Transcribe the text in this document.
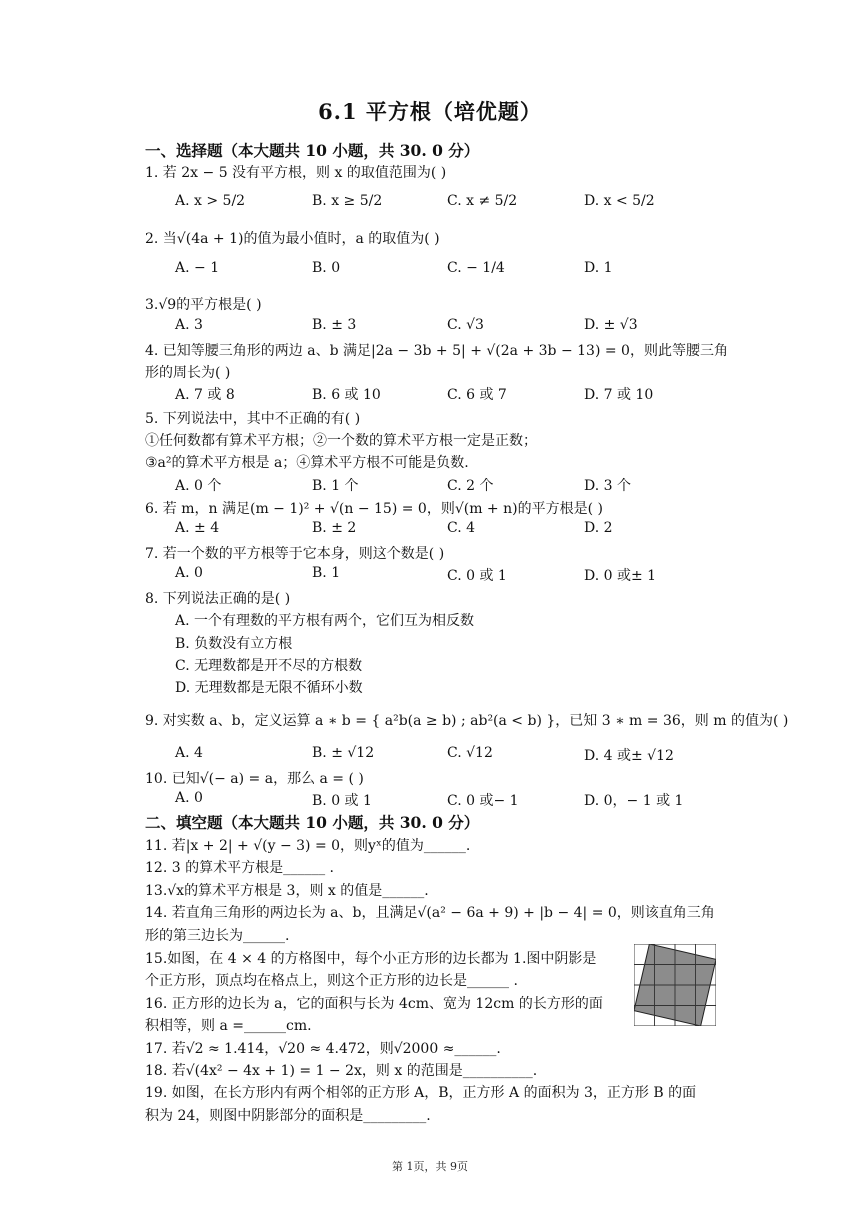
6.1 平方根（培优题）
一、选择题（本大题共 10 小题，共 30. 0 分）
1. 若 2x − 5 没有平方根，则 x 的取值范围为( )
A. x > 5/2	B. x ≥ 5/2	C. x ≠ 5/2	D. x < 5/2
2. 当√(4a + 1)的值为最小值时，a 的取值为( )
A. − 1	B. 0	C. − 1/4	D. 1
3.√9的平方根是( )
A. 3	B. ± 3	C. √3	D. ± √3
4. 已知等腰三角形的两边 a、b 满足|2a − 3b + 5| + √(2a + 3b − 13) = 0，则此等腰三角
形的周长为( )
A. 7 或 8	B. 6 或 10	C. 6 或 7	D. 7 或 10
5. 下列说法中，其中不正确的有( )
①任何数都有算术平方根；②一个数的算术平方根一定是正数；
③a²的算术平方根是 a；④算术平方根不可能是负数.
A. 0 个	B. 1 个	C. 2 个	D. 3 个
6. 若 m，n 满足(m − 1)² + √(n − 15) = 0，则√(m + n)的平方根是( )
A. ± 4	B. ± 2	C. 4	D. 2
7. 若一个数的平方根等于它本身，则这个数是( )
A. 0	B. 1	C. 0 或 1	D. 0 或± 1
8. 下列说法正确的是( )
A. 一个有理数的平方根有两个，它们互为相反数
B. 负数没有立方根
C. 无理数都是开不尽的方根数
D. 无理数都是无限不循环小数
9. 对实数 a、b，定义运算 a ∗ b = { a²b(a ≥ b) ; ab²(a < b) }，已知 3 ∗ m = 36，则 m 的值为( )
A. 4	B. ± √12	C. √12	D. 4 或± √12
10. 已知√(− a) = a，那么 a = ( )
A. 0	B. 0 或 1	C. 0 或− 1	D. 0，− 1 或 1
二、填空题（本大题共 10 小题，共 30. 0 分）
11. 若|x + 2| + √(y − 3) = 0，则yˣ的值为______.
12. 3 的算术平方根是______ .
13.√x的算术平方根是 3，则 x 的值是______.
14. 若直角三角形的两边长为 a、b，且满足√(a² − 6a + 9) + |b − 4| = 0，则该直角三角
形的第三边长为______.
15.如图，在 4 × 4 的方格图中，每个小正方形的边长都为 1.图中阴影是
个正方形，顶点均在格点上，则这个正方形的边长是______ .
16. 正方形的边长为 a，它的面积与长为 4cm、宽为 12cm 的长方形的面
积相等，则 a =______cm.
17. 若√2 ≈ 1.414，√20 ≈ 4.472，则√2000 ≈______.
18. 若√(4x² − 4x + 1) = 1 − 2x，则 x 的范围是__________.
19. 如图，在长方形内有两个相邻的正方形 A，B，正方形 A 的面积为 3，正方形 B 的面
积为 24，则图中阴影部分的面积是_________.
第 1页，共 9页
